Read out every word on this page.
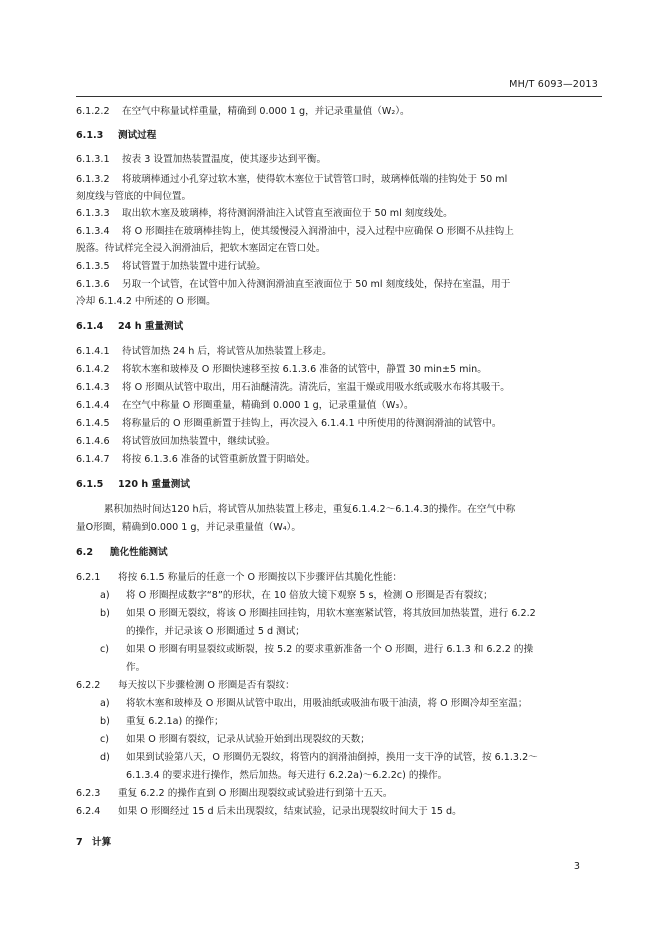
MH/T 6093—2013
6.1.2.2 在空气中称量试样重量，精确到 0.000 1 g，并记录重量值（W₂）。
6.1.3 测试过程
6.1.3.1 按表 3 设置加热装置温度，使其逐步达到平衡。
6.1.3.2 将玻璃棒通过小孔穿过软木塞，使得软木塞位于试管管口时，玻璃棒低端的挂钩处于 50 ml
刻度线与管底的中间位置。
6.1.3.3 取出软木塞及玻璃棒，将待测润滑油注入试管直至液面位于 50 ml 刻度线处。
6.1.3.4 将 O 形圈挂在玻璃棒挂钩上，使其缓慢浸入润滑油中，浸入过程中应确保 O 形圈不从挂钩上
脱落。待试样完全浸入润滑油后，把软木塞固定在管口处。
6.1.3.5 将试管置于加热装置中进行试验。
6.1.3.6 另取一个试管，在试管中加入待测润滑油直至液面位于 50 ml 刻度线处，保持在室温，用于
冷却 6.1.4.2 中所述的 O 形圈。
6.1.4 24 h 重量测试
6.1.4.1 待试管加热 24 h 后，将试管从加热装置上移走。
6.1.4.2 将软木塞和玻棒及 O 形圈快速移至按 6.1.3.6 准备的试管中，静置 30 min±5 min。
6.1.4.3 将 O 形圈从试管中取出，用石油醚清洗。清洗后，室温干燥或用吸水纸或吸水布将其吸干。
6.1.4.4 在空气中称量 O 形圈重量，精确到 0.000 1 g，记录重量值（W₃）。
6.1.4.5 将称量后的 O 形圈重新置于挂钩上，再次浸入 6.1.4.1 中所使用的待测润滑油的试管中。
6.1.4.6 将试管放回加热装置中，继续试验。
6.1.4.7 将按 6.1.3.6 准备的试管重新放置于阴暗处。
6.1.5 120 h 重量测试
累积加热时间达120 h后，将试管从加热装置上移走，重复6.1.4.2～6.1.4.3的操作。在空气中称
量O形圈，精确到0.000 1 g，并记录重量值（W₄）。
6.2 脆化性能测试
6.2.1 将按 6.1.5 称量后的任意一个 O 形圈按以下步骤评估其脆化性能：
a) 将 O 形圈捏成数字“8”的形状，在 10 倍放大镜下观察 5 s，检测 O 形圈是否有裂纹；
b) 如果 O 形圈无裂纹，将该 O 形圈挂回挂钩，用软木塞塞紧试管，将其放回加热装置，进行 6.2.2
的操作，并记录该 O 形圈通过 5 d 测试；
c) 如果 O 形圈有明显裂纹或断裂，按 5.2 的要求重新准备一个 O 形圈，进行 6.1.3 和 6.2.2 的操
作。
6.2.2 每天按以下步骤检测 O 形圈是否有裂纹：
a) 将软木塞和玻棒及 O 形圈从试管中取出，用吸油纸或吸油布吸干油渍，将 O 形圈冷却至室温；
b) 重复 6.2.1a) 的操作；
c) 如果 O 形圈有裂纹，记录从试验开始到出现裂纹的天数；
d) 如果到试验第八天，O 形圈仍无裂纹，将管内的润滑油倒掉，换用一支干净的试管，按 6.1.3.2～
6.1.3.4 的要求进行操作，然后加热。每天进行 6.2.2a)～6.2.2c) 的操作。
6.2.3 重复 6.2.2 的操作直到 O 形圈出现裂纹或试验进行到第十五天。
6.2.4 如果 O 形圈经过 15 d 后未出现裂纹，结束试验，记录出现裂纹时间大于 15 d。
7 计算
3
